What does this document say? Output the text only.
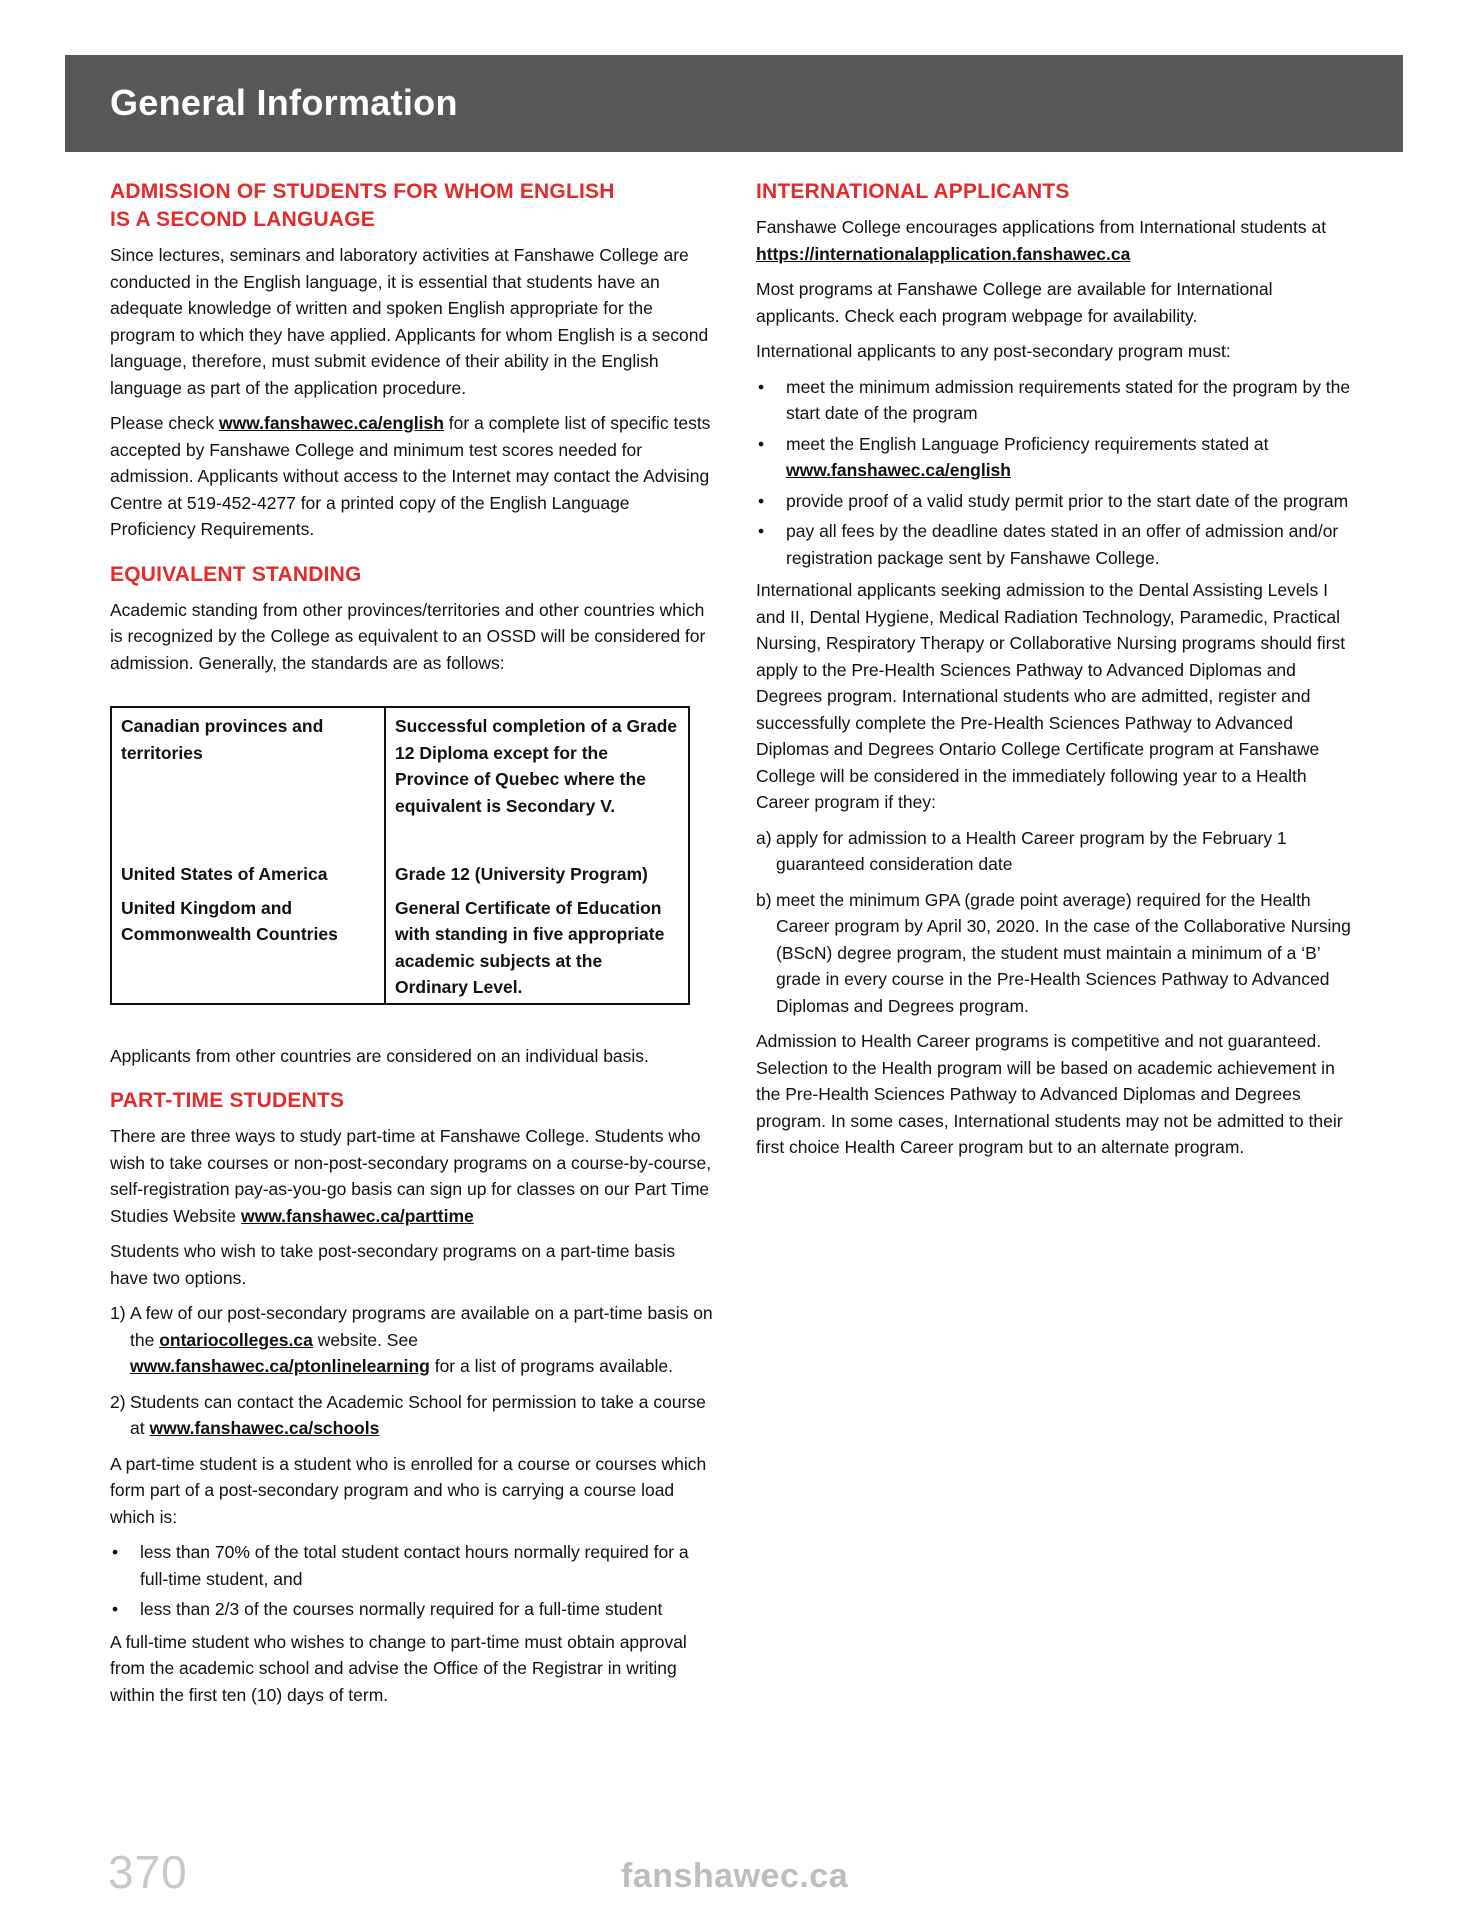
General Information
ADMISSION OF STUDENTS FOR WHOM ENGLISH
IS A SECOND LANGUAGE

Since lectures, seminars and laboratory activities at Fanshawe College are conducted in the English language, it is essential that students have an adequate knowledge of written and spoken English appropriate for the program to which they have applied. Applicants for whom English is a second language, therefore, must submit evidence of their ability in the English language as part of the application procedure.

Please check www.fanshawec.ca/english for a complete list of specific tests accepted by Fanshawe College and minimum test scores needed for admission. Applicants without access to the Internet may contact the Advising Centre at 519-452-4277 for a printed copy of the English Language Proficiency Requirements.

EQUIVALENT STANDING

Academic standing from other provinces/territories and other countries which is recognized by the College as equivalent to an OSSD will be considered for admission. Generally, the standards are as follows:

Canadian provinces and territories	Successful completion of a Grade 12 Diploma except for the Province of Quebec where the equivalent is Secondary V.
United States of America	Grade 12 (University Program)
United Kingdom and Commonwealth Countries	General Certificate of Education with standing in five appropriate academic subjects at the Ordinary Level.

Applicants from other countries are considered on an individual basis.

PART-TIME STUDENTS

There are three ways to study part-time at Fanshawe College. Students who wish to take courses or non-post-secondary programs on a course-by-course, self-registration pay-as-you-go basis can sign up for classes on our Part Time Studies Website www.fanshawec.ca/parttime

Students who wish to take post-secondary programs on a part-time basis have two options.

1) A few of our post-secondary programs are available on a part-time basis on the ontariocolleges.ca website. See www.fanshawec.ca/ptonlinelearning for a list of programs available.
2) Students can contact the Academic School for permission to take a course at www.fanshawec.ca/schools

A part-time student is a student who is enrolled for a course or courses which form part of a post-secondary program and who is carrying a course load which is:

• less than 70% of the total student contact hours normally required for a full-time student, and
• less than 2/3 of the courses normally required for a full-time student

A full-time student who wishes to change to part-time must obtain approval from the academic school and advise the Office of the Registrar in writing within the first ten (10) days of term.

INTERNATIONAL APPLICANTS

Fanshawe College encourages applications from International students at https://internationalapplication.fanshawec.ca

Most programs at Fanshawe College are available for International applicants. Check each program webpage for availability.

International applicants to any post-secondary program must:

• meet the minimum admission requirements stated for the program by the start date of the program
• meet the English Language Proficiency requirements stated at www.fanshawec.ca/english
• provide proof of a valid study permit prior to the start date of the program
• pay all fees by the deadline dates stated in an offer of admission and/or registration package sent by Fanshawe College.

International applicants seeking admission to the Dental Assisting Levels I and II, Dental Hygiene, Medical Radiation Technology, Paramedic, Practical Nursing, Respiratory Therapy or Collaborative Nursing programs should first apply to the Pre-Health Sciences Pathway to Advanced Diplomas and Degrees program. International students who are admitted, register and successfully complete the Pre-Health Sciences Pathway to Advanced Diplomas and Degrees Ontario College Certificate program at Fanshawe College will be considered in the immediately following year to a Health Career program if they:

a) apply for admission to a Health Career program by the February 1 guaranteed consideration date
b) meet the minimum GPA (grade point average) required for the Health Career program by April 30, 2020. In the case of the Collaborative Nursing (BScN) degree program, the student must maintain a minimum of a ‘B’ grade in every course in the Pre-Health Sciences Pathway to Advanced Diplomas and Degrees program.

Admission to Health Career programs is competitive and not guaranteed. Selection to the Health program will be based on academic achievement in the Pre-Health Sciences Pathway to Advanced Diplomas and Degrees program. In some cases, International students may not be admitted to their first choice Health Career program but to an alternate program.

370	fanshawec.ca
